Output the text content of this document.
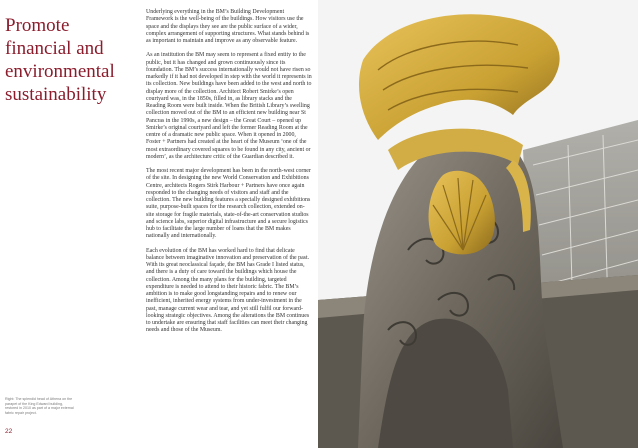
Promote
financial and
environmental
sustainability

Underlying everything in the BM’s Building Development Framework is the well-being of the buildings. How visitors use the space and the displays they see are the public surface of a wider, complex arrangement of supporting structures. What stands behind is as important to maintain and improve as any observable feature.

As an institution the BM may seem to represent a fixed entity to the public, but it has changed and grown continuously since its foundation. The BM’s success internationally would not have risen so markedly if it had not developed in step with the world it represents in its collection. New buildings have been added to the west and north to display more of the collection. Architect Robert Smirke’s open courtyard was, in the 1850s, filled in, as library stacks and the Reading Room were built inside. When the British Library’s swelling collection moved out of the BM to an efficient new building near St Pancras in the 1990s, a new design – the Great Court – opened up Smirke’s original courtyard and left the former Reading Room at the centre of a dramatic new public space. When it opened in 2000, Foster + Partners had created at the heart of the Museum ‘one of the most extraordinary covered squares to be found in any city, ancient or modern’, as the architecture critic of the Guardian described it.

The most recent major development has been in the north-west corner of the site. In designing the new World Conservation and Exhibitions Centre, architects Rogers Stirk Harbour + Partners have once again responded to the changing needs of visitors and staff and the collection. The new building features a specially designed exhibitions suite, purpose-built spaces for the research collection, extended on-site storage for fragile materials, state-of-the-art conservation studios and science labs, superior digital infrastructure and a secure logistics hub to facilitate the large number of loans that the BM makes nationally and internationally.

Each evolution of the BM has worked hard to find that delicate balance between imaginative innovation and preservation of the past. With its great neoclassical façade, the BM has Grade I listed status, and there is a duty of care toward the buildings which house the collection. Among the many plans for the building, targeted expenditure is needed to attend to their historic fabric. The BM’s ambition is to make good longstanding repairs and to renew our inefficient, inherited energy systems from under-investment in the past, manage current wear and tear, and yet still fulfil our forward-looking strategic objectives. Among the alterations the BM continues to undertake are ensuring that staff facilities can meet their changing needs and those of the Museum.

Right: The splendid head of Athena on the parapet of the King Edward building, restored in 2010 as part of a major external fabric repair project.
22
